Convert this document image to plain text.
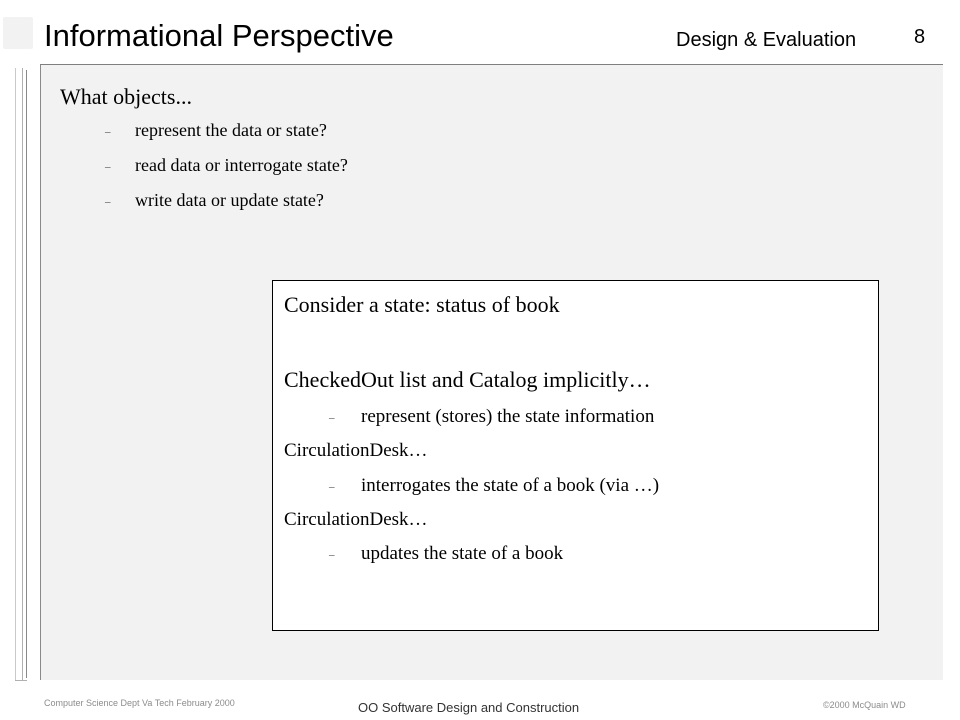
Informational Perspective	Design & Evaluation	8
What objects...
– represent the data or state?
– read data or interrogate state?
– write data or update state?
Consider a state: status of book
CheckedOut list and Catalog implicitly…
– represent (stores) the state information
CirculationDesk…
– interrogates the state of a book (via …)
CirculationDesk…
– updates the state of a book
Computer Science Dept Va Tech February 2000	OO Software Design and Construction	©2000 McQuain WD
